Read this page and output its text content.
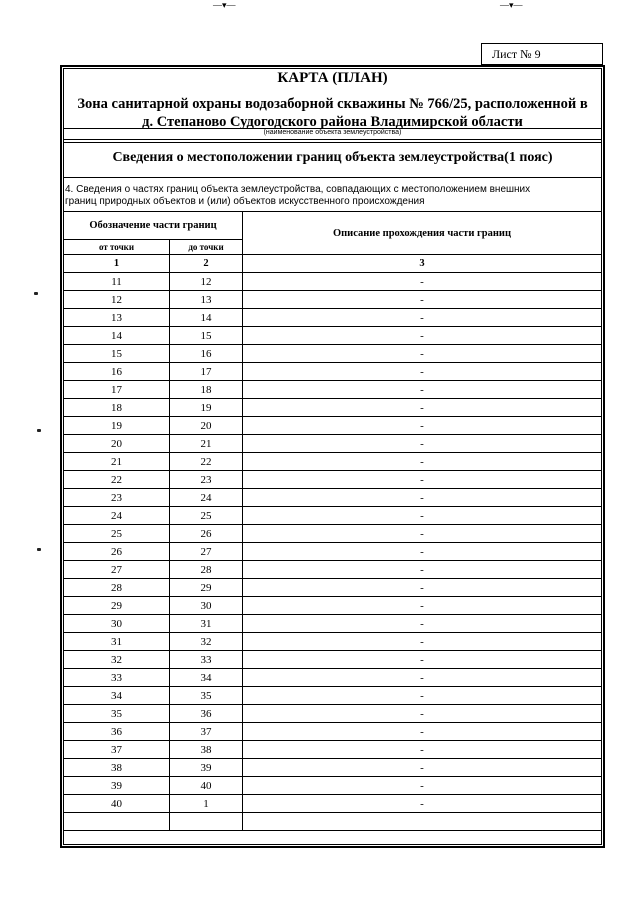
—▾—	—▾—
Лист № 9
КАРТА (ПЛАН)
Зона санитарной охраны водозаборной скважины № 766/25, расположенной в
д. Степаново Судогодского района Владимирской области
(наименование объекта землеустройства)
Сведения о местоположении границ объекта землеустройства(1 пояс)
4. Сведения о частях границ объекта землеустройства, совпадающих с местоположением внешних
границ природных объектов и (или) объектов искусственного происхождения
Обозначение части границ		Описание прохождения части границ
от точки	до точки	
1	2	3
11	12	-
12	13	-
13	14	-
14	15	-
15	16	-
16	17	-
17	18	-
18	19	-
19	20	-
20	21	-
21	22	-
22	23	-
23	24	-
24	25	-
25	26	-
26	27	-
27	28	-
28	29	-
29	30	-
30	31	-
31	32	-
32	33	-
33	34	-
34	35	-
35	36	-
36	37	-
37	38	-
38	39	-
39	40	-
40	1	-
